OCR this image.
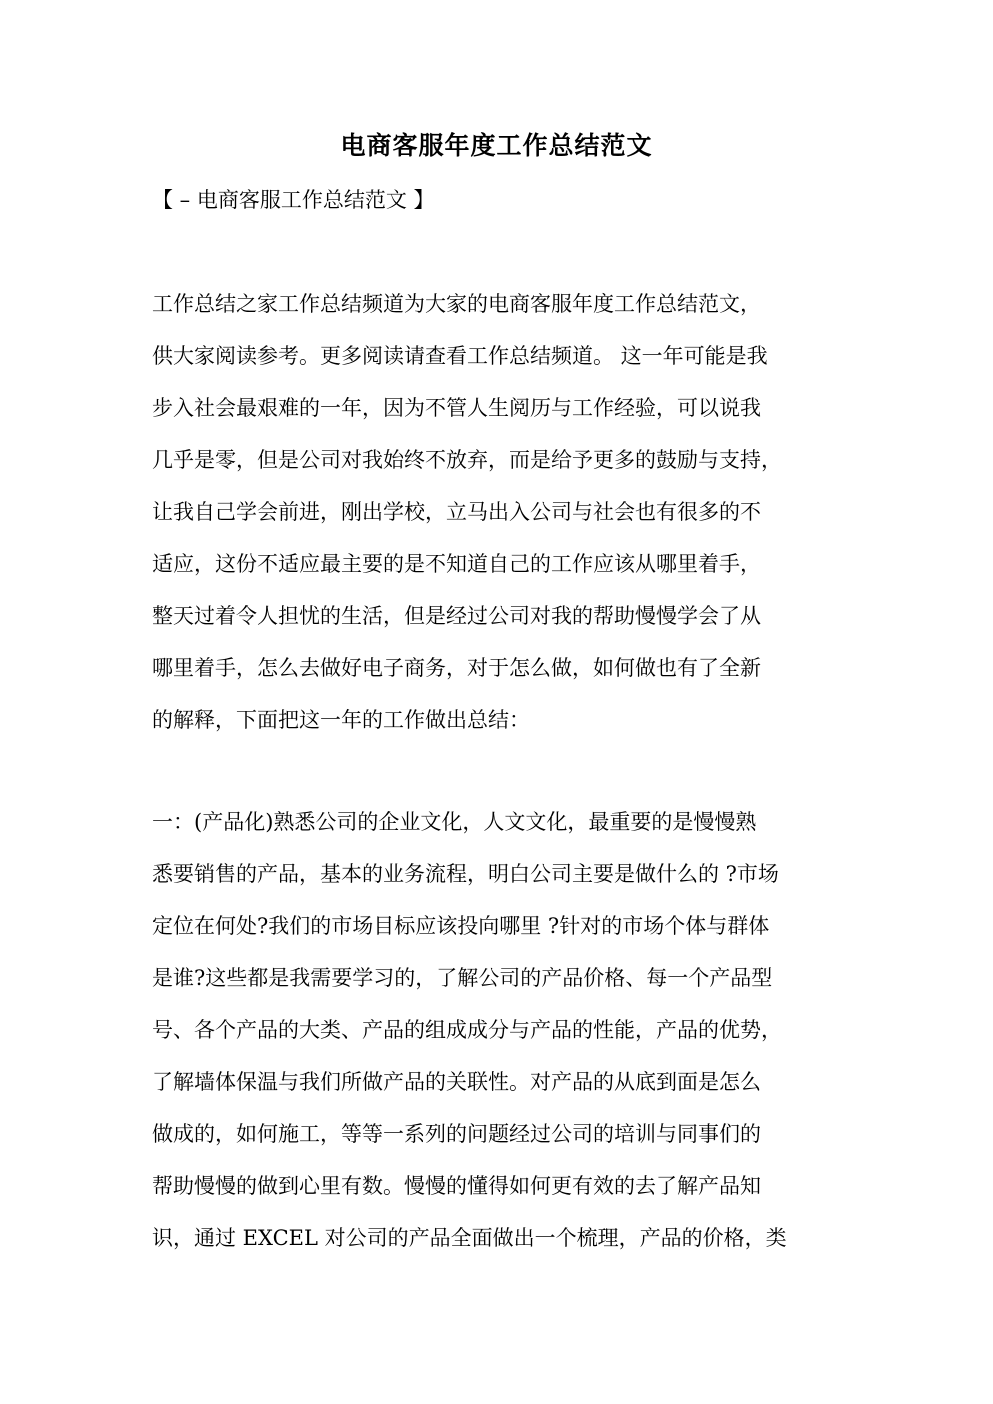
电商客服年度工作总结范文
【 – 电商客服工作总结范文 】
工作总结之家工作总结频道为大家的电商客服年度工作总结范文，
供大家阅读参考。更多阅读请查看工作总结频道。 这一年可能是我
步入社会最艰难的一年，因为不管人生阅历与工作经验，可以说我
几乎是零，但是公司对我始终不放弃，而是给予更多的鼓励与支持，
让我自己学会前进，刚出学校，立马出入公司与社会也有很多的不
适应，这份不适应最主要的是不知道自己的工作应该从哪里着手，
整天过着令人担忧的生活，但是经过公司对我的帮助慢慢学会了从
哪里着手，怎么去做好电子商务，对于怎么做，如何做也有了全新
的解释，下面把这一年的工作做出总结：
一：(产品化)熟悉公司的企业文化，人文文化，最重要的是慢慢熟
悉要销售的产品，基本的业务流程，明白公司主要是做什么的 ?市场
定位在何处?我们的市场目标应该投向哪里 ?针对的市场个体与群体
是谁?这些都是我需要学习的，了解公司的产品价格、每一个产品型
号、各个产品的大类、产品的组成成分与产品的性能，产品的优势，
了解墙体保温与我们所做产品的关联性。对产品的从底到面是怎么
做成的，如何施工，等等一系列的问题经过公司的培训与同事们的
帮助慢慢的做到心里有数。慢慢的懂得如何更有效的去了解产品知
识，通过 EXCEL 对公司的产品全面做出一个梳理，产品的价格，类
